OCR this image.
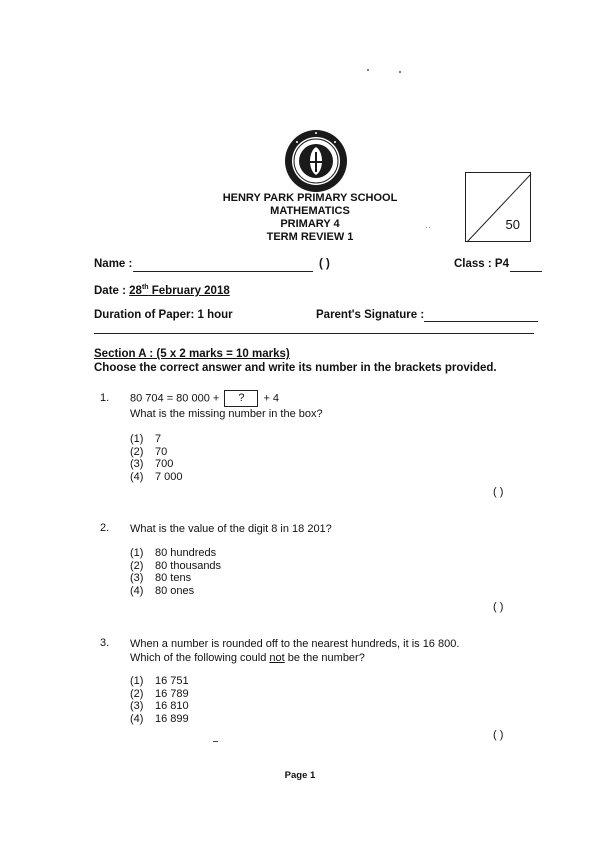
HENRY PARK PRIMARY SCHOOL
MATHEMATICS
PRIMARY 4
TERM REVIEW 1
50
··
Name :	( )	Class : P4
Date : 28th February 2018
Duration of Paper: 1 hour	Parent's Signature :
Section A : (5 x 2 marks = 10 marks)
Choose the correct answer and write its number in the brackets provided.
1. 80 704 = 80 000 + ? + 4
What is the missing number in the box?
(1) 7
(2) 70
(3) 700
(4) 7 000
( )
2. What is the value of the digit 8 in 18 201?
(1) 80 hundreds
(2) 80 thousands
(3) 80 tens
(4) 80 ones
( )
3. When a number is rounded off to the nearest hundreds, it is 16 800.
Which of the following could not be the number?
(1) 16 751
(2) 16 789
(3) 16 810
(4) 16 899
( )
Page 1
